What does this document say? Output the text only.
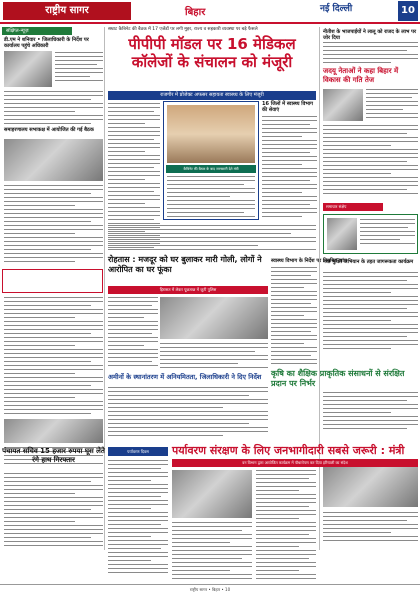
राष्ट्रीय सागर	बिहार	नई दिल्ली	10
संक्षिप्त-न्यूज़
डी.एम ने शनिवार • जिलाधिकारी के निर्देश पर कार्यालय पहुंचे अधिकारी
समाहरणालय सभाकक्ष में आयोजित की गई बैठक
पंचायत सचिव 15 हजार रुपया घूस लेते रंगे हाथ गिरफ्तार
सम्राट कैबिनेट की बैठक में 17 एजेंडों पर लगी मुहर, राज्य व सहकारी व्यवस्था पर बड़े फैसले
पीपीपी मॉडल पर 16 मेडिकल कॉलेजों के संचालन को मंजूरी
राजगीर में प्रोजेक्ट अफसर सहायता स्वास्थ्य के लिए मंजूरी
कैबिनेट की बैठक के बाद जानकारी देते मंत्री
16 जिलों में स्वास्थ्य विभाग की सेवाएं
रोहतास : मजदूर को घर बुलाकर मारी गोली, लोगों ने आरोपित का घर फूंका
हिरासत में लेकर पूछताछ में जुटी पुलिस
स्वास्थ्य विभाग के निर्देश पर नियमित जांच
अमीनों के स्थानांतरण में अनियमितता, जिलाधिकारी ने दिए निर्देश	कृषि का शैक्षिक प्राकृतिक संसाधनों से संरक्षित प्रदान पर निर्भर
नीतीश के भाजपाईयों ने लालू को राजद के लाभ पर जोर दिया
जदयू नेताओं ने कहा बिहार में विकास की गति तेज
समाचार संक्षेप
नशा मुक्ति अभियान के तहत जागरूकता कार्यक्रम
पर्यावरण दिवस	पर्यावरण संरक्षण के लिए जनभागीदारी सबसे जरूरी : मंत्री
वन विभाग द्वारा आयोजित कार्यक्रम में पौधारोपण कर दिया हरियाली का संदेश
राष्ट्रीय सागर • बिहार • 10
